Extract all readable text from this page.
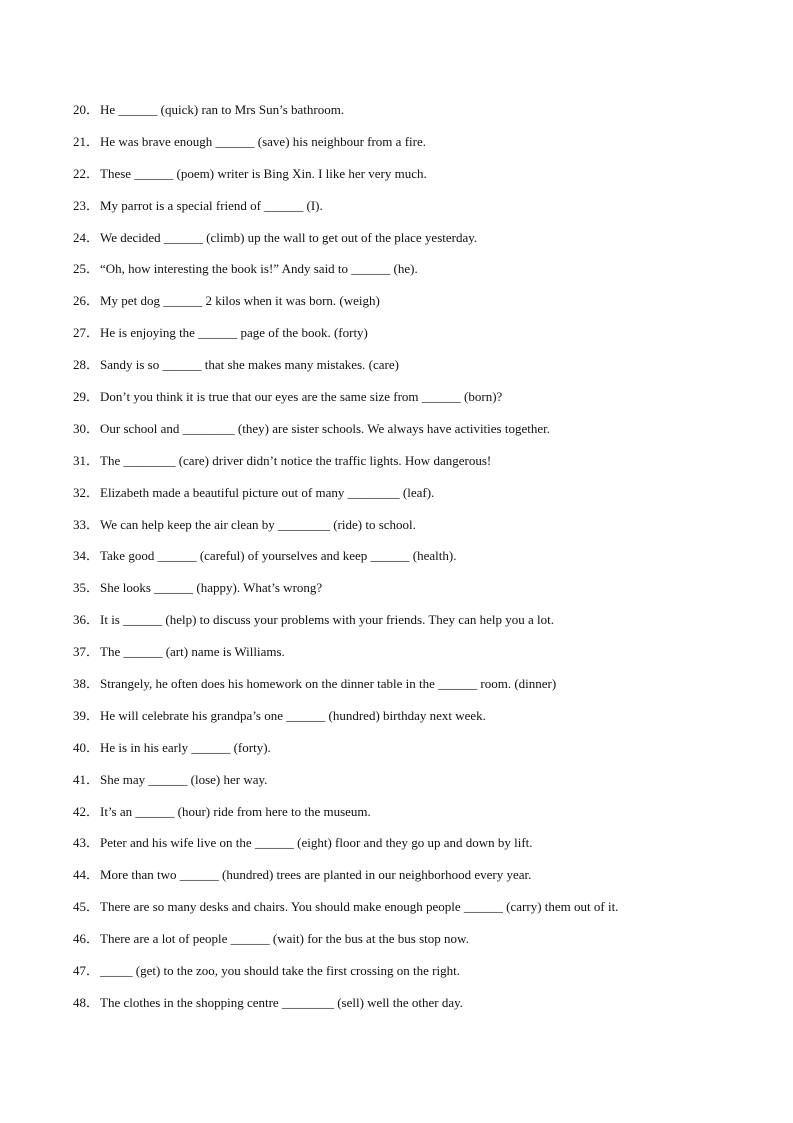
20．He ______ (quick) ran to Mrs Sun’s bathroom.
21．He was brave enough ______ (save) his neighbour from a fire.
22．These ______ (poem) writer is Bing Xin. I like her very much.
23．My parrot is a special friend of ______ (I).
24．We decided ______ (climb) up the wall to get out of the place yesterday.
25．“Oh, how interesting the book is!” Andy said to ______ (he).
26．My pet dog ______ 2 kilos when it was born. (weigh)
27．He is enjoying the ______ page of the book. (forty)
28．Sandy is so ______ that she makes many mistakes. (care)
29．Don’t you think it is true that our eyes are the same size from ______ (born)?
30．Our school and ________ (they) are sister schools. We always have activities together.
31．The ________ (care) driver didn’t notice the traffic lights. How dangerous!
32．Elizabeth made a beautiful picture out of many ________ (leaf).
33．We can help keep the air clean by ________ (ride) to school.
34．Take good ______ (careful) of yourselves and keep ______ (health).
35．She looks ______ (happy). What’s wrong?
36．It is ______ (help) to discuss your problems with your friends. They can help you a lot.
37．The ______ (art) name is Williams.
38．Strangely, he often does his homework on the dinner table in the ______ room. (dinner)
39．He will celebrate his grandpa’s one ______ (hundred) birthday next week.
40．He is in his early ______ (forty).
41．She may ______ (lose) her way.
42．It’s an ______ (hour) ride from here to the museum.
43．Peter and his wife live on the ______ (eight) floor and they go up and down by lift.
44．More than two ______ (hundred) trees are planted in our neighborhood every year.
45．There are so many desks and chairs. You should make enough people ______ (carry) them out of it.
46．There are a lot of people ______ (wait) for the bus at the bus stop now.
47．_____ (get) to the zoo, you should take the first crossing on the right.
48．The clothes in the shopping centre ________ (sell) well the other day.
